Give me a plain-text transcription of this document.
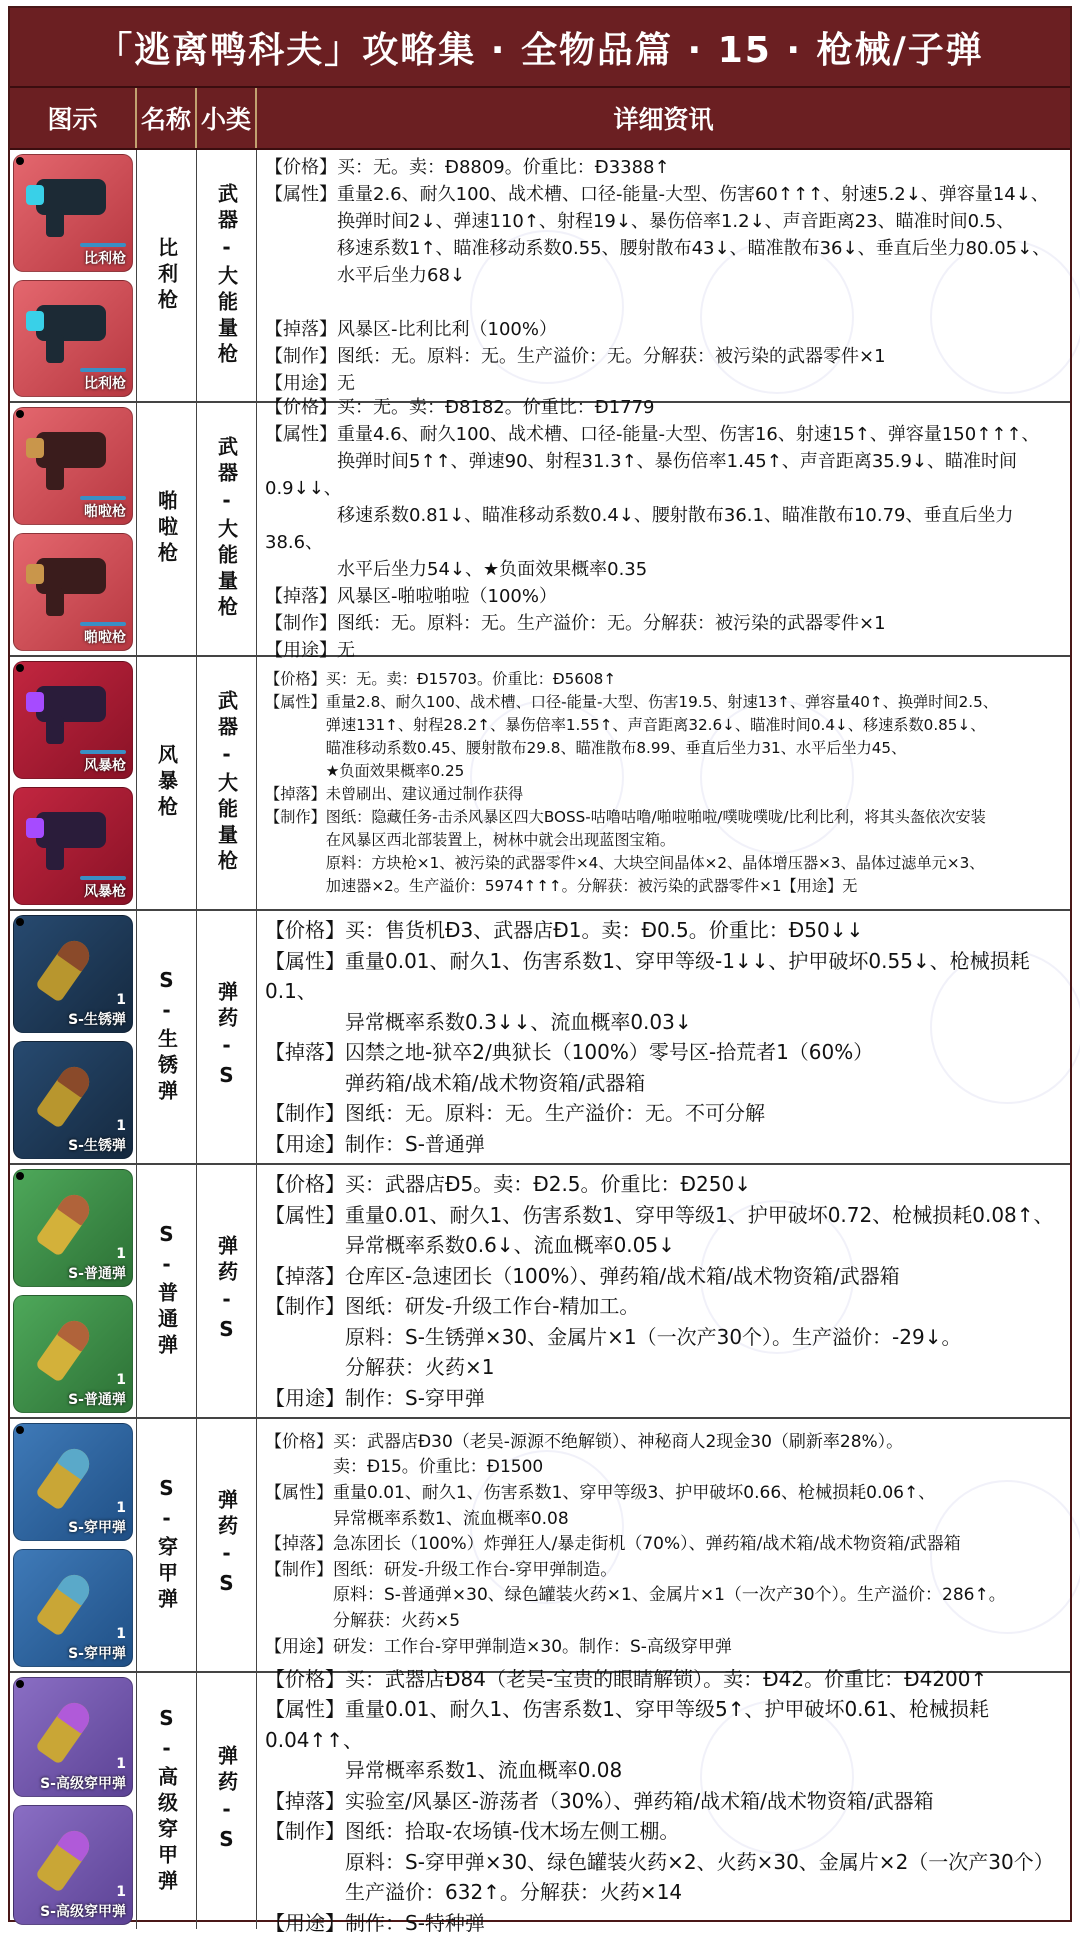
「逃离鸭科夫」攻略集 · 全物品篇 · 15 · 枪械/子弹
图示	名称 小类	详细资讯
比利枪
比利枪
比利枪 武器-大能量枪
【价格】买：无。卖：Đ8809。价重比：Đ3388↑
【属性】重量2.6、耐久100、战术槽、口径-能量-大型、伤害60↑↑↑、射速5.2↓、弹容量14↓、
　　　　换弹时间2↓、弹速110↑、射程19↓、暴伤倍率1.2↓、声音距离23、瞄准时间0.5、
　　　　移速系数1↑、瞄准移动系数0.55、腰射散布43↓、瞄准散布36↓、垂直后坐力80.05↓、
　　　　水平后坐力68↓
【掉落】风暴区-比利比利（100%）
【制作】图纸：无。原料：无。生产溢价：无。分解获：被污染的武器零件×1
【用途】无
啪啦枪
啪啦枪
啪啦枪 武器-大能量枪
【价格】买：无。卖：Đ8182。价重比：Đ1779
【属性】重量4.6、耐久100、战术槽、口径-能量-大型、伤害16、射速15↑、弹容量150↑↑↑、
　　　　换弹时间5↑↑、弹速90、射程31.3↑、暴伤倍率1.45↑、声音距离35.9↓、瞄准时间0.9↓↓、
　　　　移速系数0.81↓、瞄准移动系数0.4↓、腰射散布36.1、瞄准散布10.79、垂直后坐力38.6、
　　　　水平后坐力54↓、★负面效果概率0.35
【掉落】风暴区-啪啦啪啦（100%）
【制作】图纸：无。原料：无。生产溢价：无。分解获：被污染的武器零件×1
【用途】无
风暴枪
风暴枪
风暴枪 武器-大能量枪
【价格】买：无。卖：Đ15703。价重比：Đ5608↑
【属性】重量2.8、耐久100、战术槽、口径-能量-大型、伤害19.5、射速13↑、弹容量40↑、换弹时间2.5、
　　　　弹速131↑、射程28.2↑、暴伤倍率1.55↑、声音距离32.6↓、瞄准时间0.4↓、移速系数0.85↓、
　　　　瞄准移动系数0.45、腰射散布29.8、瞄准散布8.99、垂直后坐力31、水平后坐力45、
　　　　★负面效果概率0.25
【掉落】未曾刷出、建议通过制作获得
【制作】图纸：隐藏任务-击杀风暴区四大BOSS-咕噜咕噜/啪啦啪啦/噗咙噗咙/比利比利，将其头盔依次安装
　　　　在风暴区西北部装置上，树林中就会出现蓝图宝箱。
　　　　原料：方块枪×1、被污染的武器零件×4、大块空间晶体×2、晶体增压器×3、晶体过滤单元×3、
　　　　加速器×2。生产溢价：5974↑↑↑。分解获：被污染的武器零件×1【用途】无
1
S-生锈弹
1
S-生锈弹
S-生锈弹 弹药-S
【价格】买：售货机Đ3、武器店Đ1。卖：Đ0.5。价重比：Đ50↓↓
【属性】重量0.01、耐久1、伤害系数1、穿甲等级-1↓↓、护甲破坏0.55↓、枪械损耗0.1、
　　　　异常概率系数0.3↓↓、流血概率0.03↓
【掉落】囚禁之地-狱卒2/典狱长（100%）零号区-拾荒者1（60%）
　　　　弹药箱/战术箱/战术物资箱/武器箱
【制作】图纸：无。原料：无。生产溢价：无。不可分解
【用途】制作：S-普通弹
1
S-普通弹
1
S-普通弹
S-普通弹 弹药-S
【价格】买：武器店Đ5。卖：Đ2.5。价重比：Đ250↓
【属性】重量0.01、耐久1、伤害系数1、穿甲等级1、护甲破坏0.72、枪械损耗0.08↑、
　　　　异常概率系数0.6↓、流血概率0.05↓
【掉落】仓库区-急速团长（100%）、弹药箱/战术箱/战术物资箱/武器箱
【制作】图纸：研发-升级工作台-精加工。
　　　　原料：S-生锈弹×30、金属片×1（一次产30个）。生产溢价：-29↓。
　　　　分解获：火药×1
【用途】制作：S-穿甲弹
1
S-穿甲弹
1
S-穿甲弹
S-穿甲弹 弹药-S
【价格】买：武器店Đ30（老吴-源源不绝解锁）、神秘商人2现金30（刷新率28%）。
　　　　卖：Đ15。价重比：Đ1500
【属性】重量0.01、耐久1、伤害系数1、穿甲等级3、护甲破坏0.66、枪械损耗0.06↑、
　　　　异常概率系数1、流血概率0.08
【掉落】急冻团长（100%）炸弹狂人/暴走街机（70%）、弹药箱/战术箱/战术物资箱/武器箱
【制作】图纸：研发-升级工作台-穿甲弹制造。
　　　　原料：S-普通弹×30、绿色罐装火药×1、金属片×1（一次产30个）。生产溢价：286↑。
　　　　分解获：火药×5
【用途】研发：工作台-穿甲弹制造×30。制作：S-高级穿甲弹
1
S-高级穿甲弹
1
S-高级穿甲弹
S-高级穿甲弹 弹药-S
【价格】买：武器店Đ84（老吴-宝贵的眼睛解锁）。卖：Đ42。价重比：Đ4200↑
【属性】重量0.01、耐久1、伤害系数1、穿甲等级5↑、护甲破坏0.61、枪械损耗0.04↑↑、
　　　　异常概率系数1、流血概率0.08
【掉落】实验室/风暴区-游荡者（30%）、弹药箱/战术箱/战术物资箱/武器箱
【制作】图纸：拾取-农场镇-伐木场左侧工棚。
　　　　原料：S-穿甲弹×30、绿色罐装火药×2、火药×30、金属片×2（一次产30个）
　　　　生产溢价：632↑。分解获：火药×14
【用途】制作：S-特种弹
